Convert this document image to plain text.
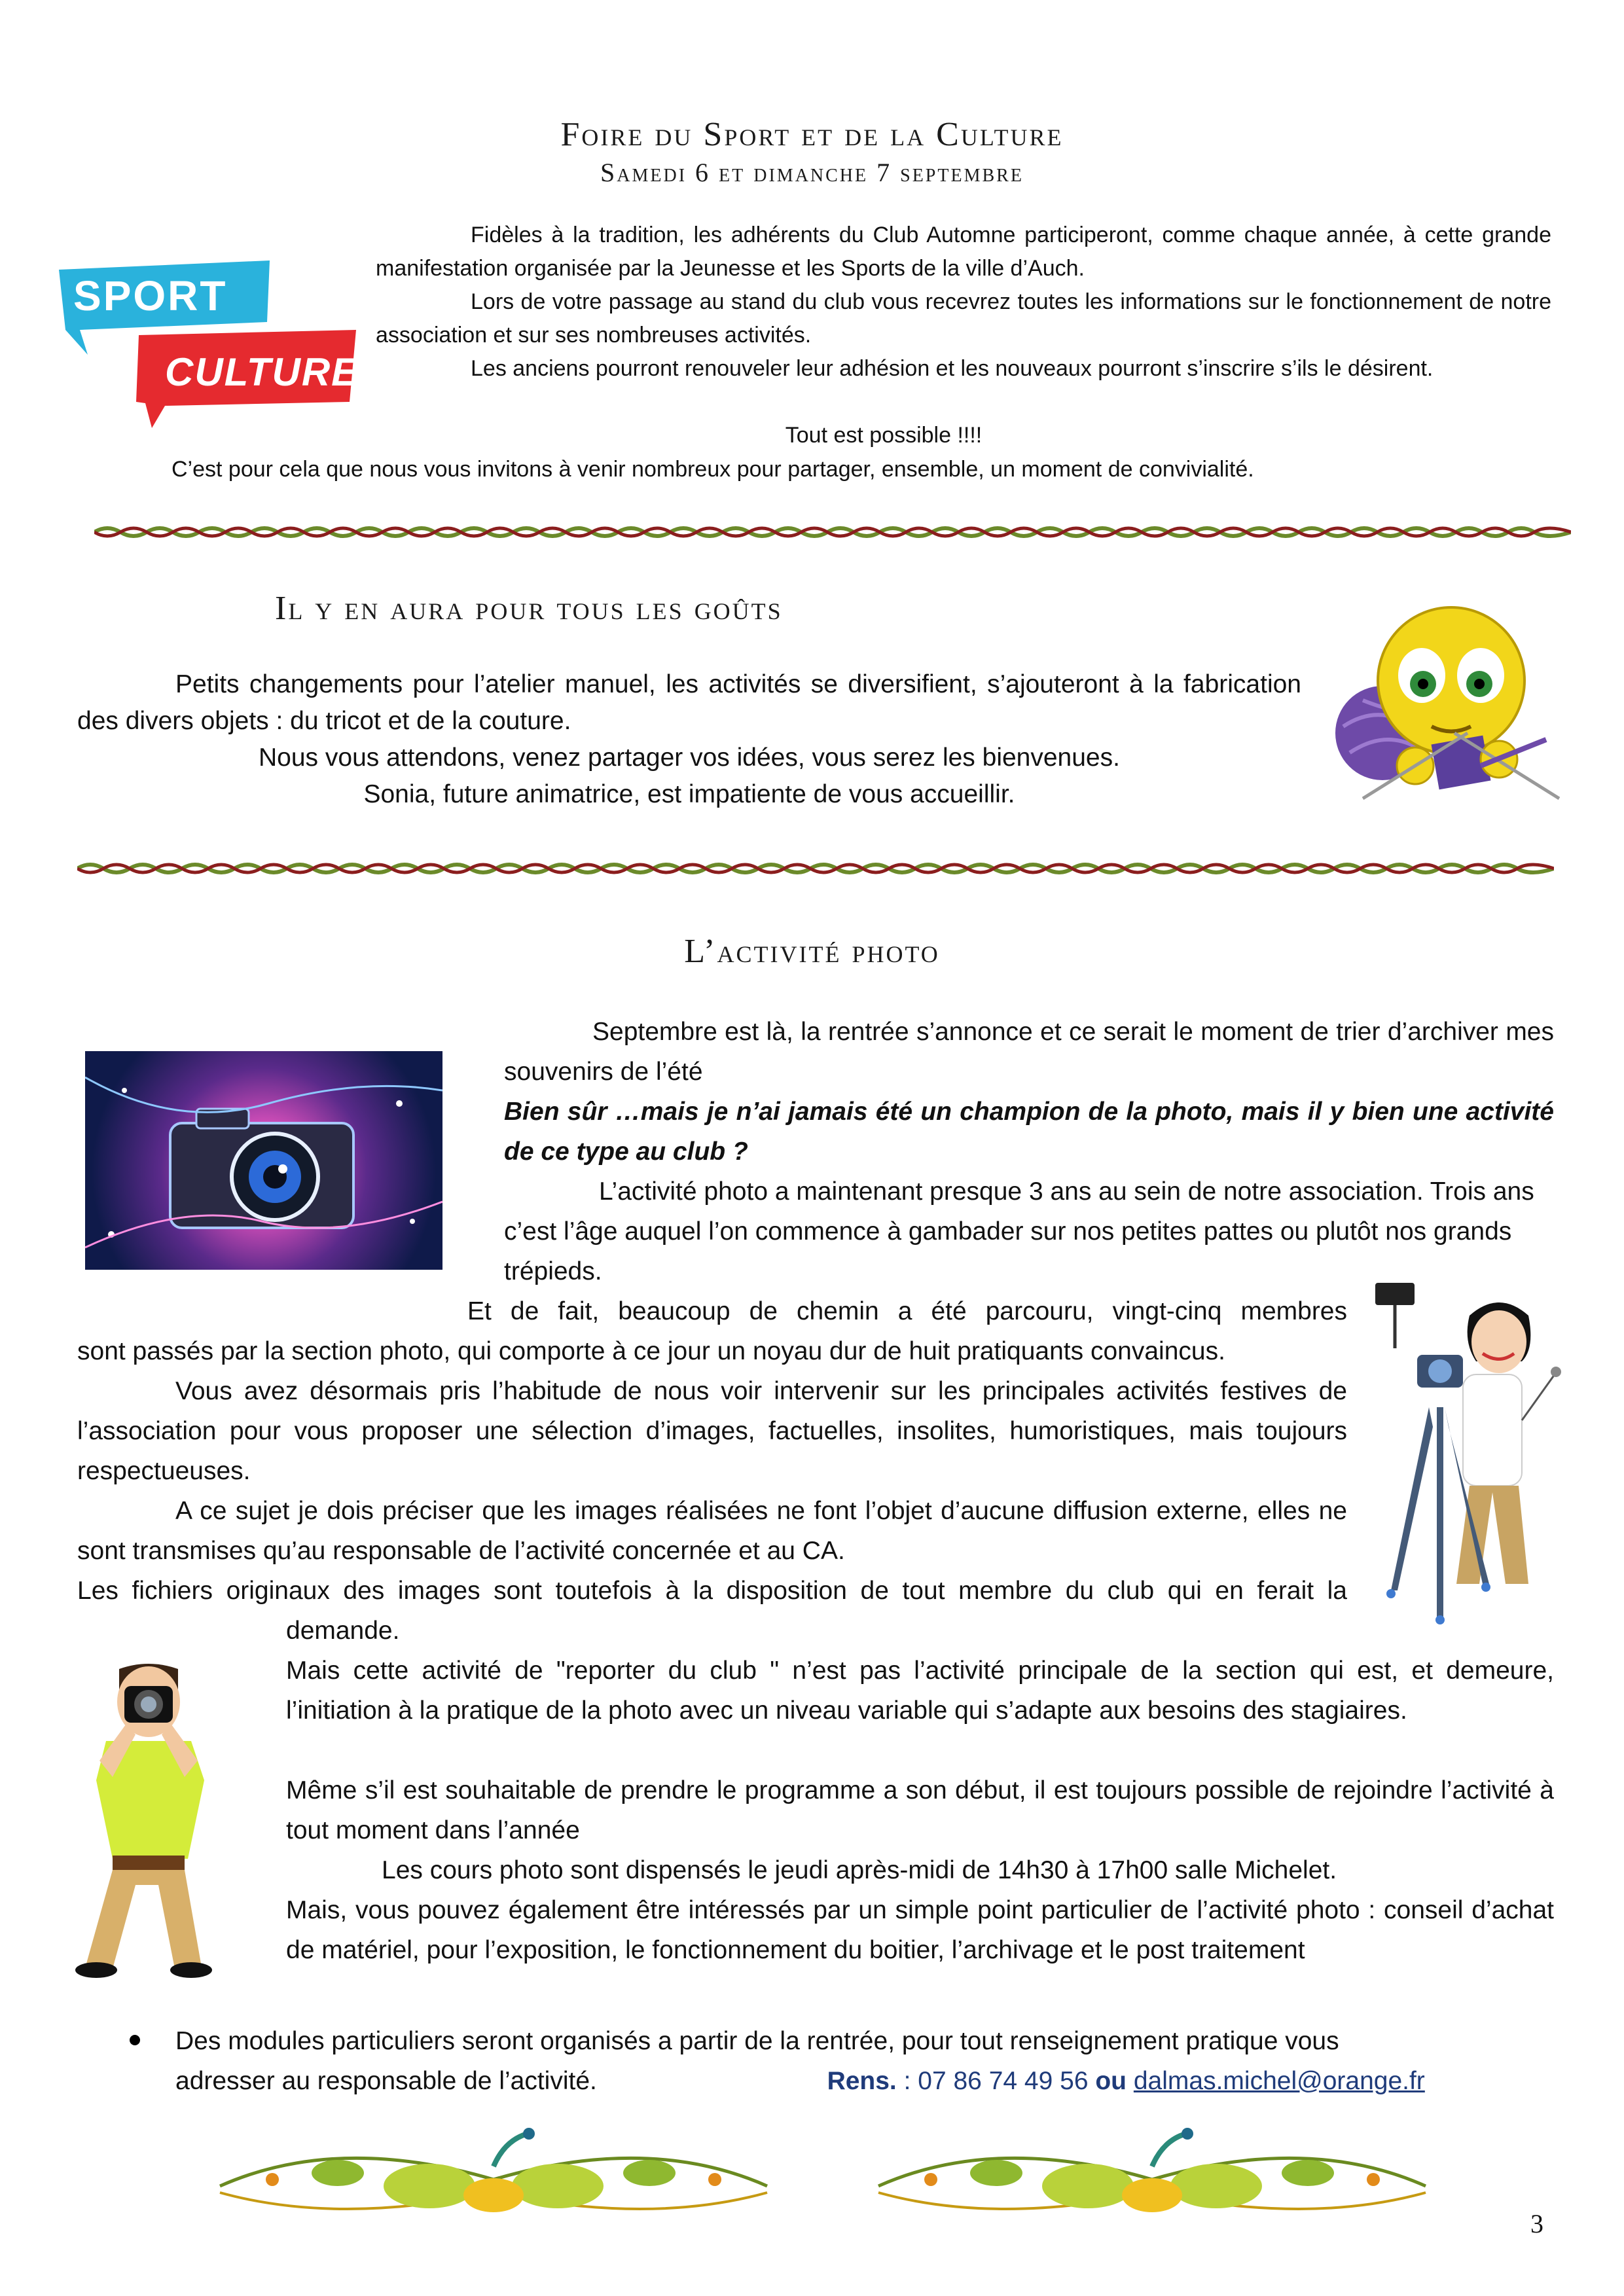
Foire du Sport et de la Culture
Samedi 6 et dimanche 7 septembre
SPORT
CULTURE

Fidèles à la tradition, les adhérents du Club Automne participeront, comme chaque année, à cette grande manifestation organisée par la Jeunesse et les Sports de la ville d’Auch.

Lors de votre passage au stand du club vous recevrez toutes les informations sur le fonctionnement de notre association et sur ses nombreuses activités.

Les anciens pourront renouveler leur adhésion et les nouveaux pourront s’inscrire s’ils le désirent.

Tout est possible !!!!
C’est pour cela que nous vous invitons à venir nombreux pour partager, ensemble, un moment de convivialité.
Il y en aura pour tous les goûts
Petits changements pour l’atelier manuel, les activités se diversifient, s’ajouteront à la fabrication des divers objets : du tricot et de la couture.
Nous vous attendons, venez partager vos idées, vous serez les bienvenues.
Sonia, future animatrice, est impatiente de vous accueillir.
L’activité photo
Septembre est là, la rentrée s’annonce et ce serait le moment de trier d’archiver mes souvenirs de l’été
Bien sûr …mais je n’ai jamais été un champion de la photo, mais il y bien une activité de ce type au club ?
L’activité photo a maintenant presque 3 ans au sein de notre association. Trois ans c’est l’âge auquel l’on commence à gambader sur nos petites pattes ou plutôt nos grands trépieds.
Et de fait, beaucoup de chemin a été parcouru, vingt-cinq membres
sont passés par la section photo, qui comporte à ce jour un noyau dur de huit pratiquants convaincus.
Vous avez désormais pris l’habitude de nous voir intervenir sur les principales activités festives de l’association pour vous proposer une sélection d’images, factuelles, insolites, humoristiques, mais toujours respectueuses.
A ce sujet je dois préciser que les images réalisées ne font l’objet d’aucune diffusion externe, elles ne sont transmises qu’au responsable de l’activité concernée et au CA.
Les fichiers originaux des images sont toutefois à la disposition de tout membre du club qui en ferait la
demande.
Mais cette activité de "reporter du club " n’est pas l’activité principale de la section qui est, et demeure, l’initiation à la pratique de la photo avec un niveau variable qui s’adapte aux besoins des stagiaires.
Même s’il est souhaitable de prendre le programme a son début, il est toujours possible de rejoindre l’activité à tout moment dans l’année
Les cours photo sont dispensés le jeudi après-midi de 14h30 à 17h00 salle Michelet.
Mais, vous pouvez également être intéressés par un simple point particulier de l’activité photo : conseil d’achat de matériel, pour l’exposition, le fonctionnement du boitier, l’archivage et le post traitement
Des modules particuliers seront organisés a partir de la rentrée, pour tout renseignement pratique vous
adresser au responsable de l’activité.	Rens. : 07 86 74 49 56 ou dalmas.michel@orange.fr
3
